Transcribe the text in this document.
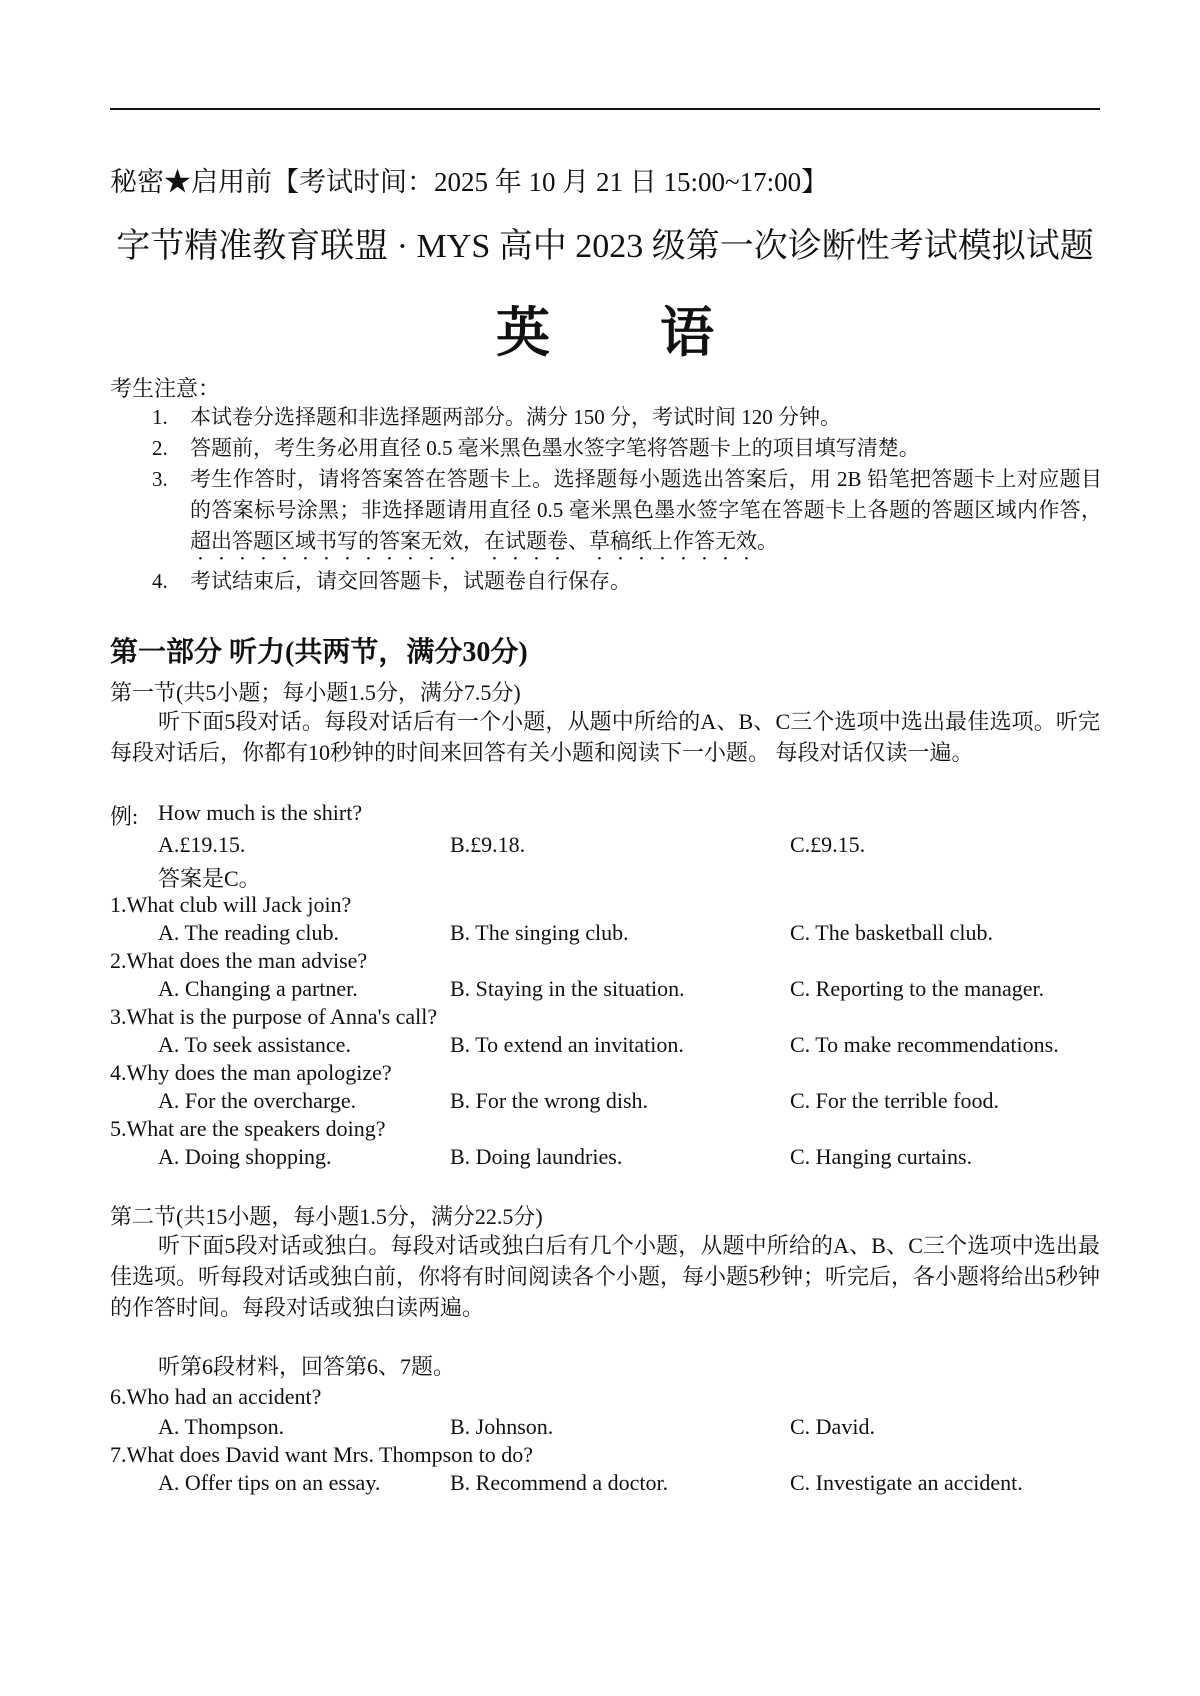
秘密★启用前【考试时间：2025 年 10 月 21 日 15:00~17:00】
字节精准教育联盟 · MYS 高中 2023 级第一次诊断性考试模拟试题
英 语
考生注意：
1. 本试卷分选择题和非选择题两部分。满分 150 分，考试时间 120 分钟。
2. 答题前，考生务必用直径 0.5 毫米黑色墨水签字笔将答题卡上的项目填写清楚。
3. 考生作答时，请将答案答在答题卡上。选择题每小题选出答案后，用 2B 铅笔把答题卡上对应题目的答案标号涂黑；非选择题请用直径 0.5 毫米黑色墨水签字笔在答题卡上各题的答题区域内作答，超出答题区域书写的答案无效，在试题卷、草稿纸上作答无效。
4. 考试结束后，请交回答题卡，试题卷自行保存。
第一部分 听力(共两节，满分30分)
第一节(共5小题；每小题1.5分，满分7.5分)
听下面5段对话。每段对话后有一个小题，从题中所给的A、B、C三个选项中选出最佳选项。听完每段对话后，你都有10秒钟的时间来回答有关小题和阅读下一小题。 每段对话仅读一遍。
例: How much is the shirt?
A.£19.15.	B.£9.18.	C.£9.15.
答案是C。
1.What club will Jack join?
A. The reading club.	B. The singing club.	C. The basketball club.
2.What does the man advise?
A. Changing a partner.	B. Staying in the situation.	C. Reporting to the manager.
3.What is the purpose of Anna's call?
A. To seek assistance.	B. To extend an invitation.	C. To make recommendations.
4.Why does the man apologize?
A. For the overcharge.	B. For the wrong dish.	C. For the terrible food.
5.What are the speakers doing?
A. Doing shopping.	B. Doing laundries.	C. Hanging curtains.
第二节(共15小题，每小题1.5分，满分22.5分)
听下面5段对话或独白。每段对话或独白后有几个小题，从题中所给的A、B、C三个选项中选出最佳选项。听每段对话或独白前，你将有时间阅读各个小题，每小题5秒钟；听完后，各小题将给出5秒钟的作答时间。每段对话或独白读两遍。
听第6段材料，回答第6、7题。
6.Who had an accident?
A. Thompson.	B. Johnson.	C. David.
7.What does David want Mrs. Thompson to do?
A. Offer tips on an essay.	B. Recommend a doctor.	C. Investigate an accident.
